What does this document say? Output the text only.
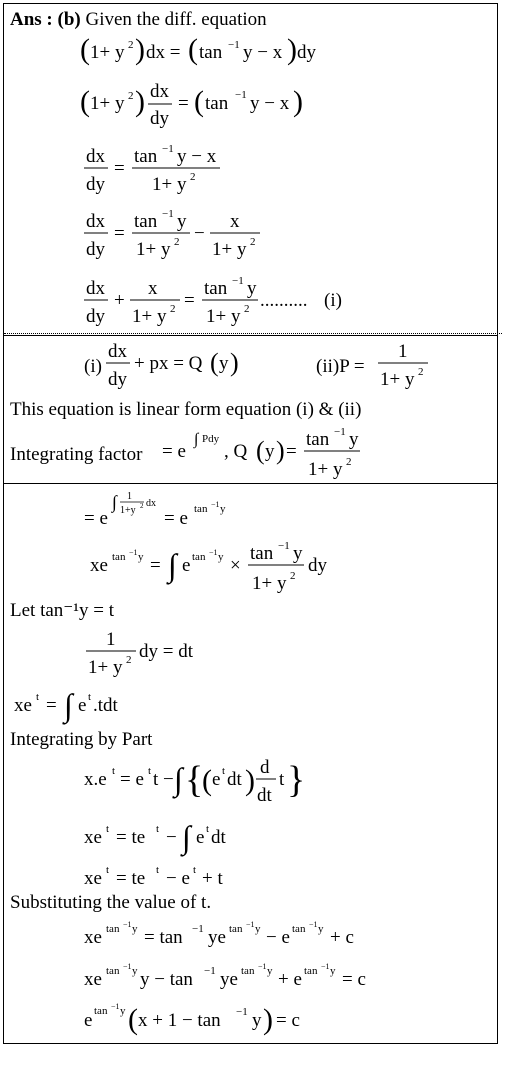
Ans : (b) Given the diff. equation
( 1+ y 2 ) dx = ( tan −1 y − x ) dy
( 1+ y 2 ) dx
dy
= ( tan −1 y − x )
dx
dy
=
tan −1 y − x
1+ y 2
dx
dy
=
tan −1 y
1+ y 2 −
x
1+ y 2
dx
dy
+
x
1+ y 2 =
tan −1 y
1+ y 2 .......... (i)
(i)
dx
dy
+ px = Q ( y )	(ii)P =
1
1+ y 2
This equation is linear form equation (i) & (ii)
Integrating factor = e
∫ Pdy
, Q ( y ) =
tan −1 y
1+ y 2
= e
∫ 1
1+y 2 dx
= e tan −1 y
xe tan −1 y = ∫ e tan −1 y ×
tan −1 y
1+ y 2 dy
Let tan⁻¹y = t
1
1+ y 2 dy = dt
xe t = ∫ e t .tdt
Integrating by Part
x.e t = e t t − ∫ {
( e t dt ) d
dt
t }
xe t = te t − ∫ e t dt
xe t = te t − e t + t
Substituting the value of t.
xe tan −1 y = tan −1 ye tan −1 y − e tan −1 y + c
xe tan −1 y y − tan −1 ye tan −1 y + e tan −1 y = c
e tan −1 y ( x + 1 − tan −1 y ) = c
